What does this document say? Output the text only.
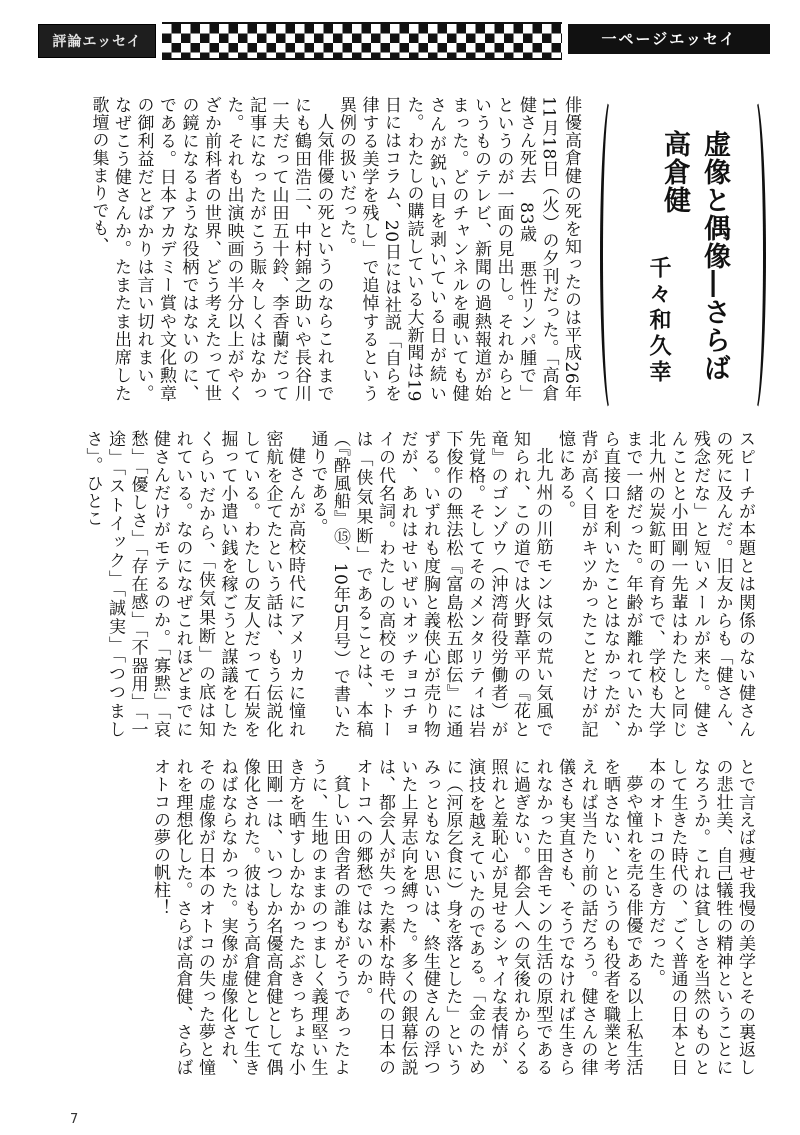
評論エッセイ	一ページエッセイ
虚像と偶像―さらば高倉健
千々和久幸

俳優高倉健の死を知ったのは平成26年11月18日（火）の夕刊だった。「高倉健さん死去　83歳　悪性リンパ腫で」というのが一面の見出し。それからというものテレビ、新聞の過熱報道が始まった。どのチャンネルを覗いても健さんが鋭い目を剥いている日が続いた。わたしの購読している大新聞は19日にはコラム、20日には社説「自らを律する美学を残し」で追悼するという異例の扱いだった。

人気俳優の死というのならこれまでにも鶴田浩二、中村錦之助いや長谷川一夫だって山田五十鈴、李香蘭だって記事になったがこう賑々しくはなかった。それも出演映画の半分以上がやくざか前科者の世界、どう考えたって世の鏡になるような役柄ではないのに、である。日本アカデミー賞や文化勲章の御利益だとばかりは言い切れまい。なぜこう健さんか。たまたま出席した歌壇の集まりでも、

スピーチが本題とは関係のない健さんの死に及んだ。旧友からも「健さん、残念だな」と短いメールが来た。健さんことと小田剛一先輩はわたしと同じ北九州の炭鉱町の育ちで、学校も大学まで一緒だった。年齢が離れていたから直接口を利いたことはなかったが、背が高く目がキツかったことだけが記憶にある。

北九州の川筋モンは気の荒い気風で知られ、この道では火野葦平の『花と竜』のゴンゾウ（沖湾荷役労働者）が先覚格。そしてそのメンタリティは岩下俊作の無法松『富島松五郎伝』に通ずる。いずれも度胸と義侠心が売り物だが、あれはせいぜいオッチョコチョイの代名詞。わたしの高校のモットーは「侠気果断」であることは、本稿（『酔風船』⑮、10年5月号）で書いた通りである。

健さんが高校時代にアメリカに憧れ密航を企てたという話は、もう伝説化している。わたしの友人だって石炭を掘って小遣い銭を稼ごうと謀議をしたくらいだから、「侠気果断」の底は知れている。なのになぜこれほどまでに健さんだけがモテるのか。「寡黙」「哀愁」「優しさ」「存在感」「不器用」「一途」「ストイック」「誠実」「つつましさ」。ひとこ

とで言えば痩せ我慢の美学とその裏返しの悲壮美、自己犠牲の精神ということになろうか。これは貧しさを当然のものとして生きた時代の、ごく普通の日本と日本のオトコの生き方だった。

夢や憧れを売る俳優である以上私生活を晒さない、というのも役者を職業と考えれば当たり前の話だろう。健さんの律儀さも実直さも、そうでなければ生きられなかった田舎モンの生活の原型であるに過ぎない。都会人への気後れからくる照れと羞恥心が見せるシャイな表情が、演技を越えていたのである。「金のために（河原乞食に）身を落とした」というみっともない思いは、終生健さんの浮ついた上昇志向を縛った。多くの銀幕伝説は、都会人が失った素朴な時代の日本のオトコへの郷愁ではないのか。

貧しい田舎者の誰もがそうであったように、生地のままのつましく義理堅い生き方を晒すしかなかったぶきっちょな小田剛一は、いつしか名優高倉健として偶像化された。彼はもう高倉健として生きねばならなかった。実像が虚像化され、その虚像が日本のオトコの失った夢と憧れを理想化した。さらば高倉健、さらばオトコの夢の帆柱！

7
